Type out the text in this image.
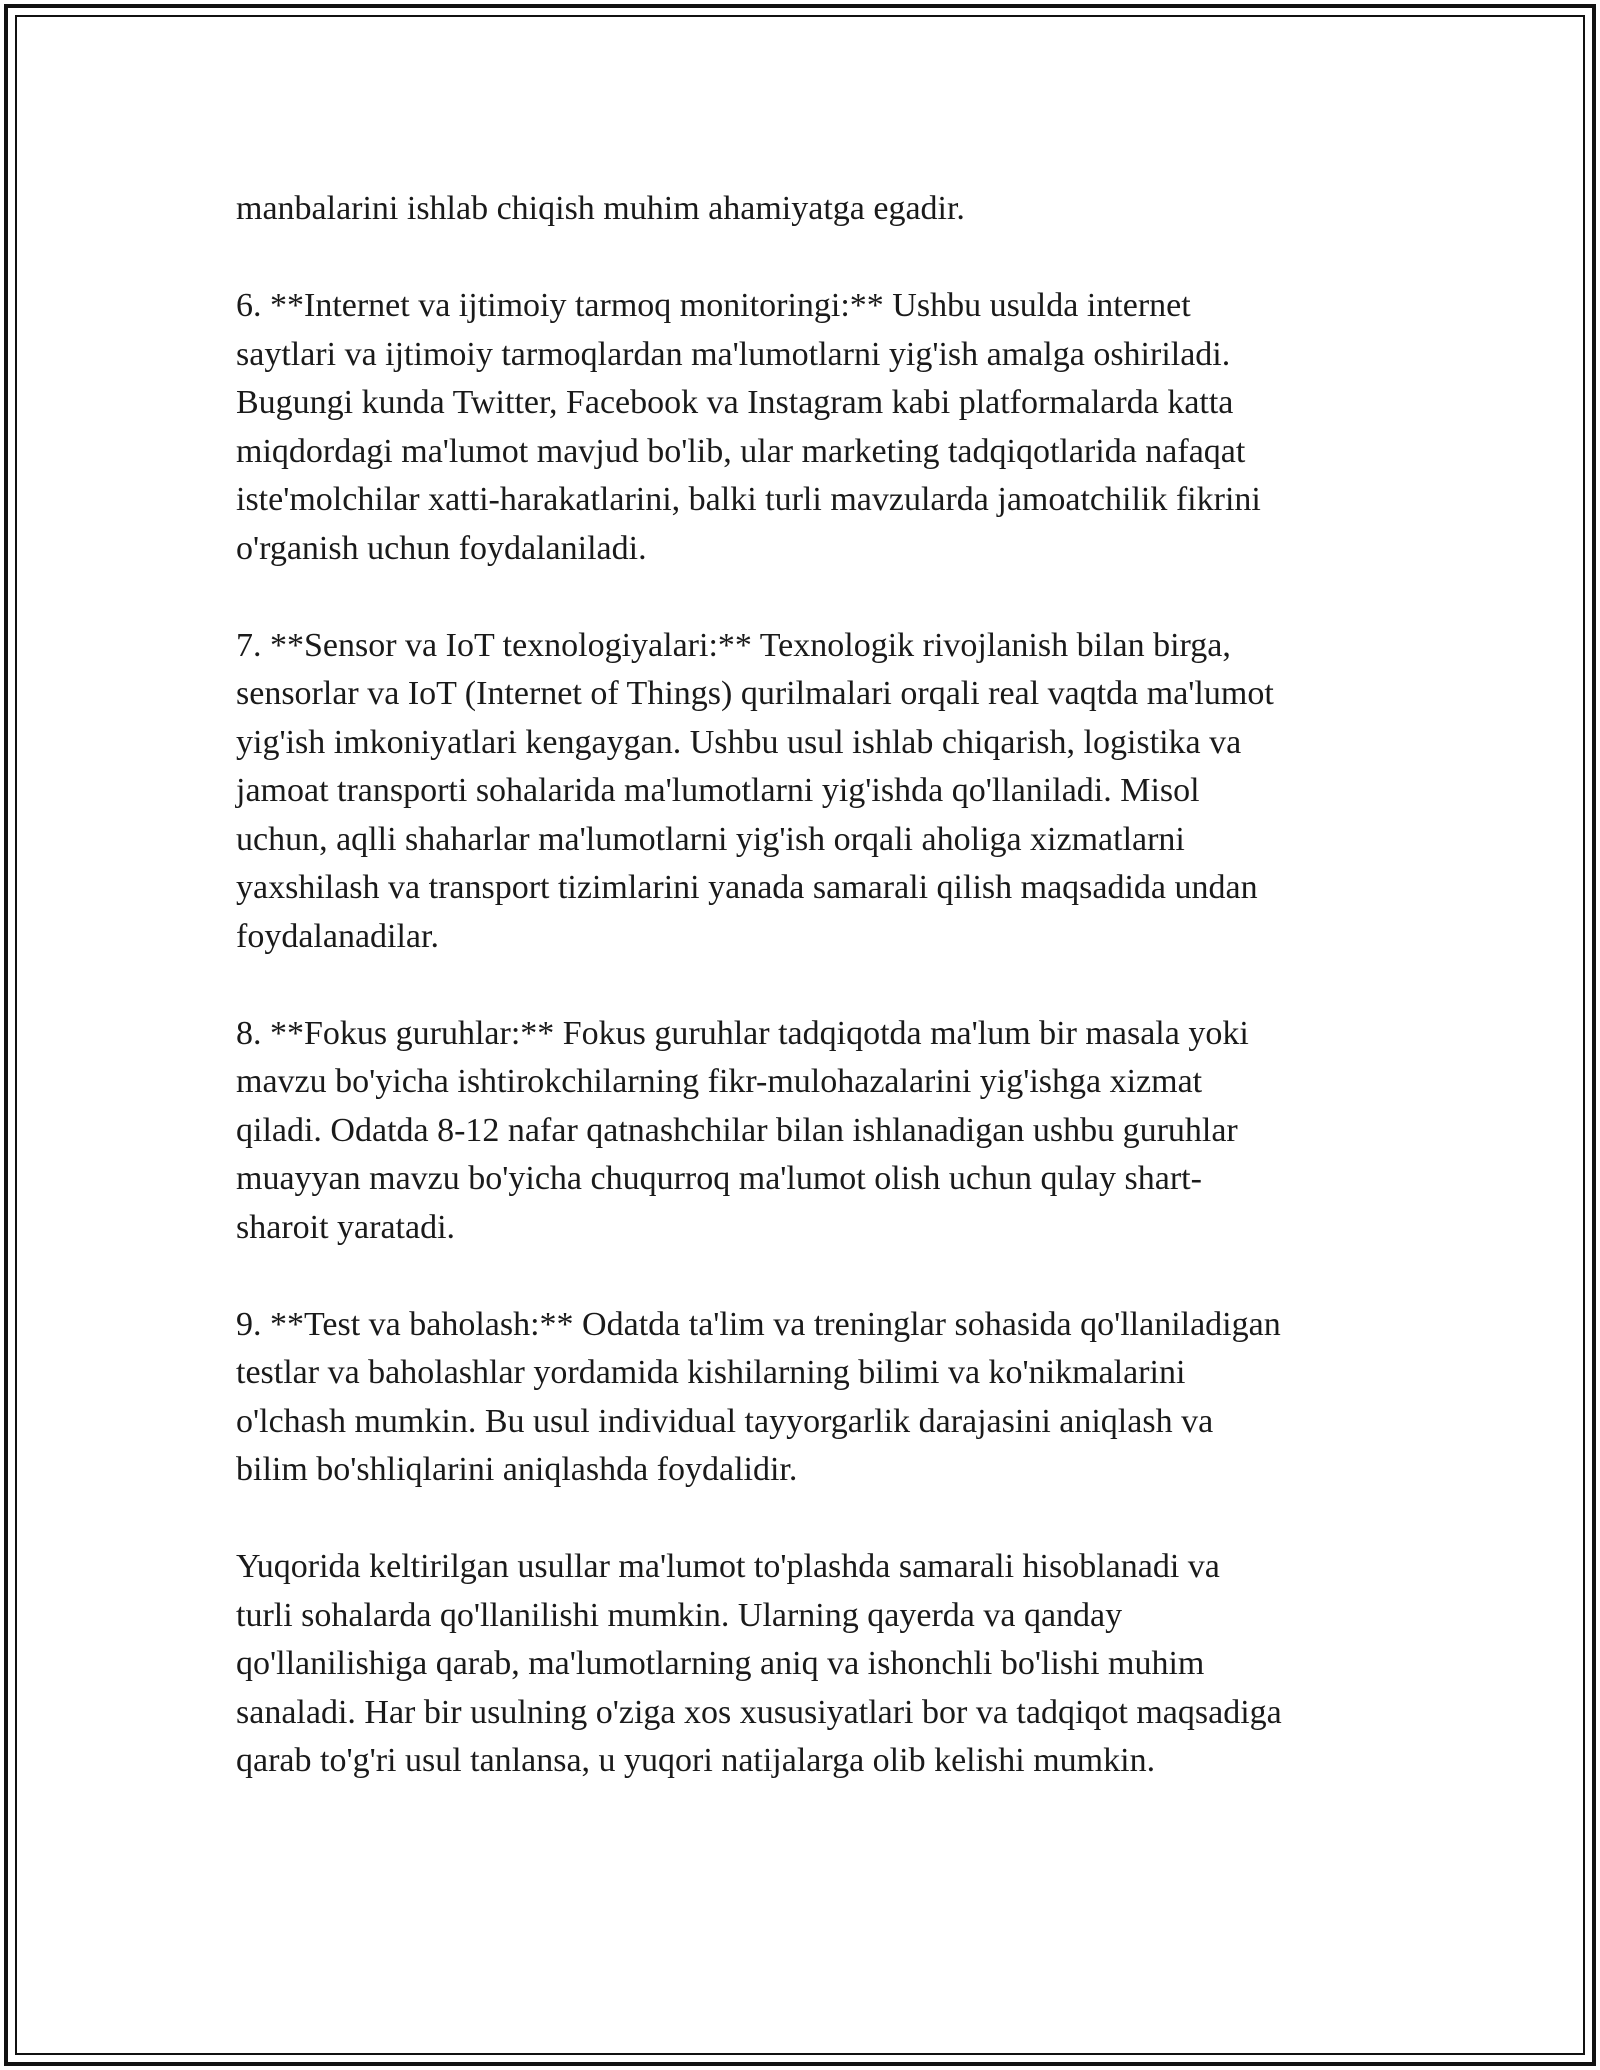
manbalarini ishlab chiqish muhim ahamiyatga egadir.

6. **Internet va ijtimoiy tarmoq monitoringi:** Ushbu usulda internet
saytlari va ijtimoiy tarmoqlardan ma'lumotlarni yig'ish amalga oshiriladi.
Bugungi kunda Twitter, Facebook va Instagram kabi platformalarda katta
miqdordagi ma'lumot mavjud bo'lib, ular marketing tadqiqotlarida nafaqat
iste'molchilar xatti-harakatlarini, balki turli mavzularda jamoatchilik fikrini
o'rganish uchun foydalaniladi.

7. **Sensor va IoT texnologiyalari:** Texnologik rivojlanish bilan birga,
sensorlar va IoT (Internet of Things) qurilmalari orqali real vaqtda ma'lumot
yig'ish imkoniyatlari kengaygan. Ushbu usul ishlab chiqarish, logistika va
jamoat transporti sohalarida ma'lumotlarni yig'ishda qo'llaniladi. Misol
uchun, aqlli shaharlar ma'lumotlarni yig'ish orqali aholiga xizmatlarni
yaxshilash va transport tizimlarini yanada samarali qilish maqsadida undan
foydalanadilar.

8. **Fokus guruhlar:** Fokus guruhlar tadqiqotda ma'lum bir masala yoki
mavzu bo'yicha ishtirokchilarning fikr-mulohazalarini yig'ishga xizmat
qiladi. Odatda 8-12 nafar qatnashchilar bilan ishlanadigan ushbu guruhlar
muayyan mavzu bo'yicha chuqurroq ma'lumot olish uchun qulay shart-
sharoit yaratadi.

9. **Test va baholash:** Odatda ta'lim va treninglar sohasida qo'llaniladigan
testlar va baholashlar yordamida kishilarning bilimi va ko'nikmalarini
o'lchash mumkin. Bu usul individual tayyorgarlik darajasini aniqlash va
bilim bo'shliqlarini aniqlashda foydalidir.

Yuqorida keltirilgan usullar ma'lumot to'plashda samarali hisoblanadi va
turli sohalarda qo'llanilishi mumkin. Ularning qayerda va qanday
qo'llanilishiga qarab, ma'lumotlarning aniq va ishonchli bo'lishi muhim
sanaladi. Har bir usulning o'ziga xos xususiyatlari bor va tadqiqot maqsadiga
qarab to'g'ri usul tanlansa, u yuqori natijalarga olib kelishi mumkin.
